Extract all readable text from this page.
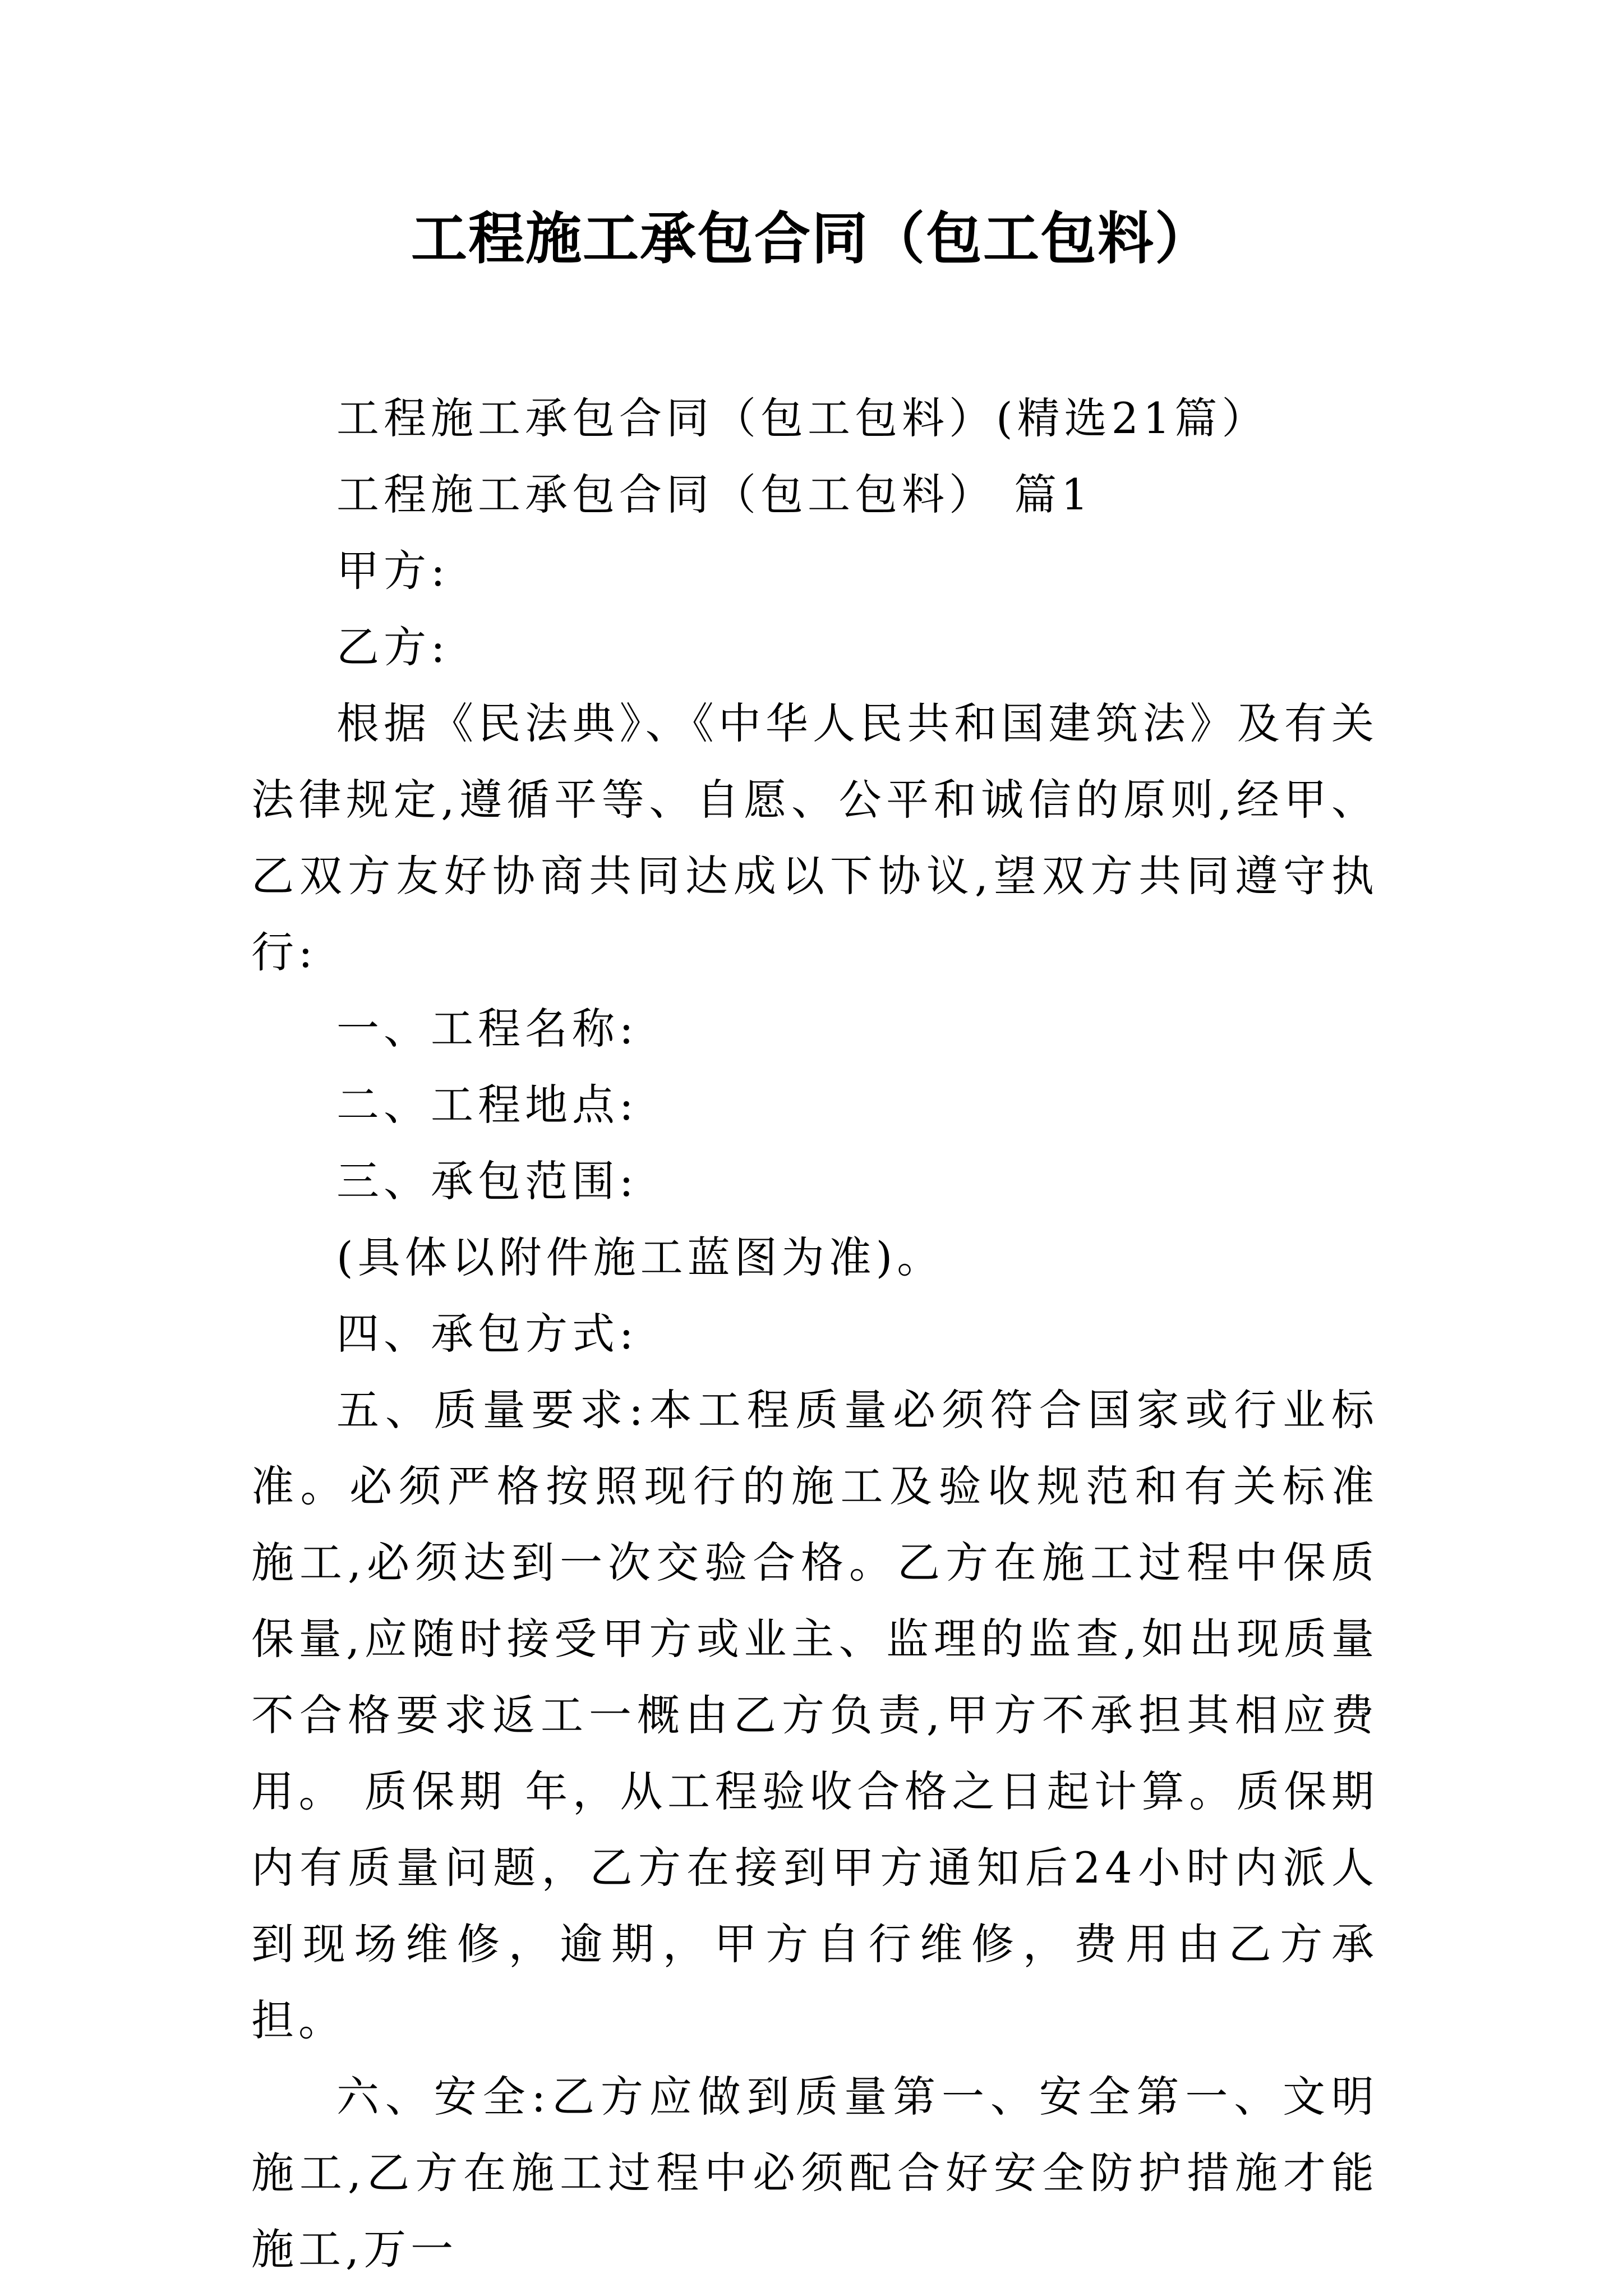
工程施工承包合同（包工包料）

工程施工承包合同（包工包料）(精选21篇）

工程施工承包合同（包工包料） 篇1

甲方:

乙方:

根据《民法典》、《中华人民共和国建筑法》及有关法律规定,遵循平等、自愿、公平和诚信的原则,经甲、乙双方友好协商共同达成以下协议,望双方共同遵守执行:

一、工程名称:

二、工程地点:

三、承包范围:

(具体以附件施工蓝图为准)。

四、承包方式:

五、质量要求:本工程质量必须符合国家或行业标准。必须严格按照现行的施工及验收规范和有关标准施工,必须达到一次交验合格。乙方在施工过程中保质保量,应随时接受甲方或业主、监理的监查,如出现质量不合格要求返工一概由乙方负责,甲方不承担其相应费用。 质保期 年，从工程验收合格之日起计算。质保期内有质量问题，乙方在接到甲方通知后24小时内派人到现场维修，逾期，甲方自行维修，费用由乙方承担。

六、安全:乙方应做到质量第一、安全第一、文明施工,乙方在施工过程中必须配合好安全防护措施才能施工,万一
